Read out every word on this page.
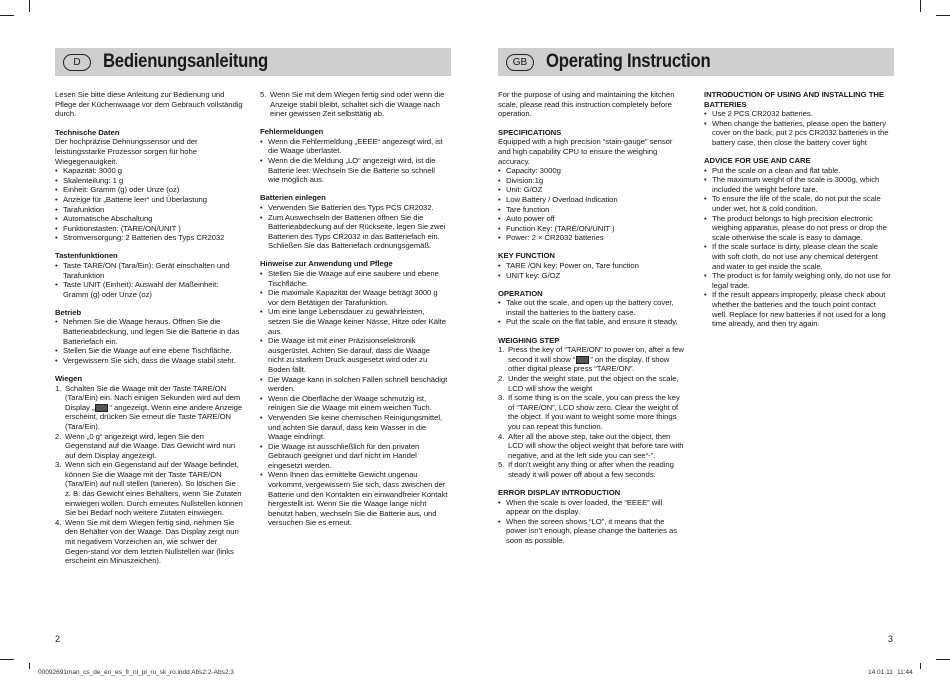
D	Bedienungsanleitung	GB Operating Instruction

Lesen Sie bitte diese Anleitung zur Bedienung und Pflege der Küchenwaage vor dem Gebrauch vollständig durch.

Technische Daten
Der hochpräzise Dehnungssensor und der leistungsstarke Prozessor sorgen für hohe Wiegegenauigkeit.
• Kapazität: 3000 g
• Skalenteilung: 1 g
• Einheit: Gramm (g) oder Unze (oz)
• Anzeige für „Batterie leer“ und Überlastung
• Tarafunktion
• Automatische Abschaltung
• Funktionstasten: (TARE/ON/UNIT )
• Stromversorgung: 2 Batterien des Typs CR2032
Tastenfunktionen
• Taste TARE/ON (Tara/Ein): Gerät einschalten und Tarafunktion
• Taste UNIT (Einheit): Auswahl der Maßeinheit: Gramm (g) oder Unze (oz)
Betrieb
• Nehmen Sie die Waage heraus. Öffnen Sie die Batterieabdeckung, und legen Sie die Batterie in das Batteriefach ein.
• Stellen Sie die Waage auf eine ebene Tischfläche.
• Vergewissern Sie sich, dass die Waage stabil steht.
Wiegen
1. Schalten Sie die Waage mit der Taste TARE/ON (Tara/Ein) ein. Nach einigen Sekunden wird auf dem Display „ “ angezeigt. Wenn eine andere Anzeige erscheint, drücken Sie erneut die Taste TARE/ON (Tara/Ein).
2. Wenn „0 g“ angezeigt wird, legen Sie den Gegenstand auf die Waage. Das Gewicht wird nun auf dem Display angezeigt.
3. Wenn sich ein Gegenstand auf der Waage befindet, können Sie die Waage mit der Taste TARE/ON (Tara/Ein) auf null stellen (tarieren). So löschen Sie z. B. das Gewicht eines Behälters, wenn Sie Zutaten einwiegen wollen. Durch erneutes Nullstellen können Sie bei Bedarf noch weitere Zutaten einwiegen.
4. Wenn Sie mit dem Wiegen fertig sind, nehmen Sie den Behälter von der Waage. Das Display zeigt nun mit negativem Vorzeichen an, wie schwer der Gegen-stand vor dem letzten Nullstellen war (links erscheint ein Minuszeichen).
5. Wenn Sie mit dem Wiegen fertig sind oder wenn die Anzeige stabil bleibt, schaltet sich die Waage nach einer gewissen Zeit selbsttätig ab.
Fehlermeldungen
• Wenn die Fehlermeldung „EEEE“ angezeigt wird, ist die Waage überlastet.
• Wenn die die Meldung „LO“ angezeigt wird, ist die Batterie leer. Wechseln Sie die Batterie so schnell wie möglich aus.
Batterien einlegen
• Verwenden Sie Batterien des Typs PCS CR2032.
• Zum Auswechseln der Batterien öffnen Sie die Batterieabdeckung auf der Rückseite, legen Sie zwei Batterien des Typs CR2032 in das Batteriefach ein. Schließen Sie das Batteriefach ordnungsgemäß.
Hinweise zur Anwendung und Pflege
• Stellen Sie die Waage auf eine saubere und ebene Tischfläche.
• Die maximale Kapazität der Waage beträgt 3000 g vor dem Betätigen der Tarafunktion.
• Um eine lange Lebensdauer zu gewährleisten, setzen Sie die Waage keiner Nässe, Hitze oder Kälte aus.
• Die Waage ist mit einer Präzisionselektronik ausgerüstet. Achten Sie darauf, dass die Waage nicht zu starkem Druck ausgesetzt wird oder zu Boden fällt.
• Die Waage kann in solchen Fällen schnell beschädigt werden.
• Wenn die Oberfläche der Waage schmutzig ist, reinigen Sie die Waage mit einem weichen Tuch.
• Verwenden Sie keine chemischen Reinigungsmittel, und achten Sie darauf, dass kein Wasser in die Waage eindringt.
• Die Waage ist ausschließlich für den privaten Gebrauch geeignet und darf nicht im Handel eingesetzt werden.
• Wenn Ihnen das ermittelte Gewicht ungenau vorkommt, vergewissern Sie sich, dass zwischen der Batterie und den Kontakten ein einwandfreier Kontakt hergestellt ist. Wenn Sie die Waage lange nicht benutzt haben, wechseln Sie die Batterie aus, und versuchen Sie es erneut.

For the purpose of using and maintaining the kitchen scale, please read this instruction completely before operation.

SPECIFICATIONS
Equipped with a high precision “stain-gauge” sensor and high capability CPU to ensure the weighing accuracy.
• Capacity: 3000g
• Division:1g
• Unit: G/OZ
• Low Battery / Overload Indication
• Tare function
• Auto power off
• Function Key: (TARE/ON/UNIT )
• Power: 2 × CR2032 batteries
KEY FUNCTION
• TARE /ON key: Power on, Tare function
• UNIT key: G/OZ
OPERATION
• Take out the scale, and open up the battery cover, install the batteries to the battery case.
• Put the scale on the flat table, and ensure it steady.
WEIGHING STEP
1. Press the key of “TARE/ON” to power on, after a few second it will show “ ” on the display. If show other digital please press “TARE/ON”.
2. Under the weight state, put the object on the scale, LCD will show the weight
3. If some thing is on the scale, you can press the key of “TARE/ON”, LCD show zero. Clear the weight of the object. If you want to weight some more things you can repeat this function.
4. After all the above step, take out the object, then LCD will show the object weight that before tare with negative, and at the left side you can see“-”.
5. If don’t weight any thing or after when the reading steady it will power off about a few seconds.
ERROR DISPLAY INTRODUCTION
• When the scale is over loaded, the “EEEE” will appear on the display.
• When the screen shows “LO”, it means that the power isn’t enough, please change the batteries as soon as possible.
INTRODUCTION OF USING AND INSTALLING THE BATTERIES
• Use 2 PCS CR2032 batteries.
• When change the batteries, please open the battery cover on the back, put 2 pcs CR2032 batteries in the battery case, then close the battery cover tight
ADVICE FOR USE AND CARE
• Put the scale on a clean and flat table.
• The maximum weight of the scale is 3000g, which included the weight before tare.
• To ensure the life of the scale, do not put the scale under wet, hot & cold condition.
• The product belongs to high precision electronic weighing apparatus, please do not press or drop the scale otherwise the scale is easy to damage.
• If the scale surface is dirty, please clean the scale with soft cloth, do not use any chemical detergent and water to get inside the scale.
• The product is for family weighing only, do not use for legal trade.
• If the result appears improperly, please check about whether the batteries and the touch point contact well. Replace for new batteries if not used for a long time already, and then try again.
2	3
00092691man_cs_de_en_es_fr_nl_pl_ru_sk_ro.indd Abs2:2-Abs2:3	14.01.11 11:44
